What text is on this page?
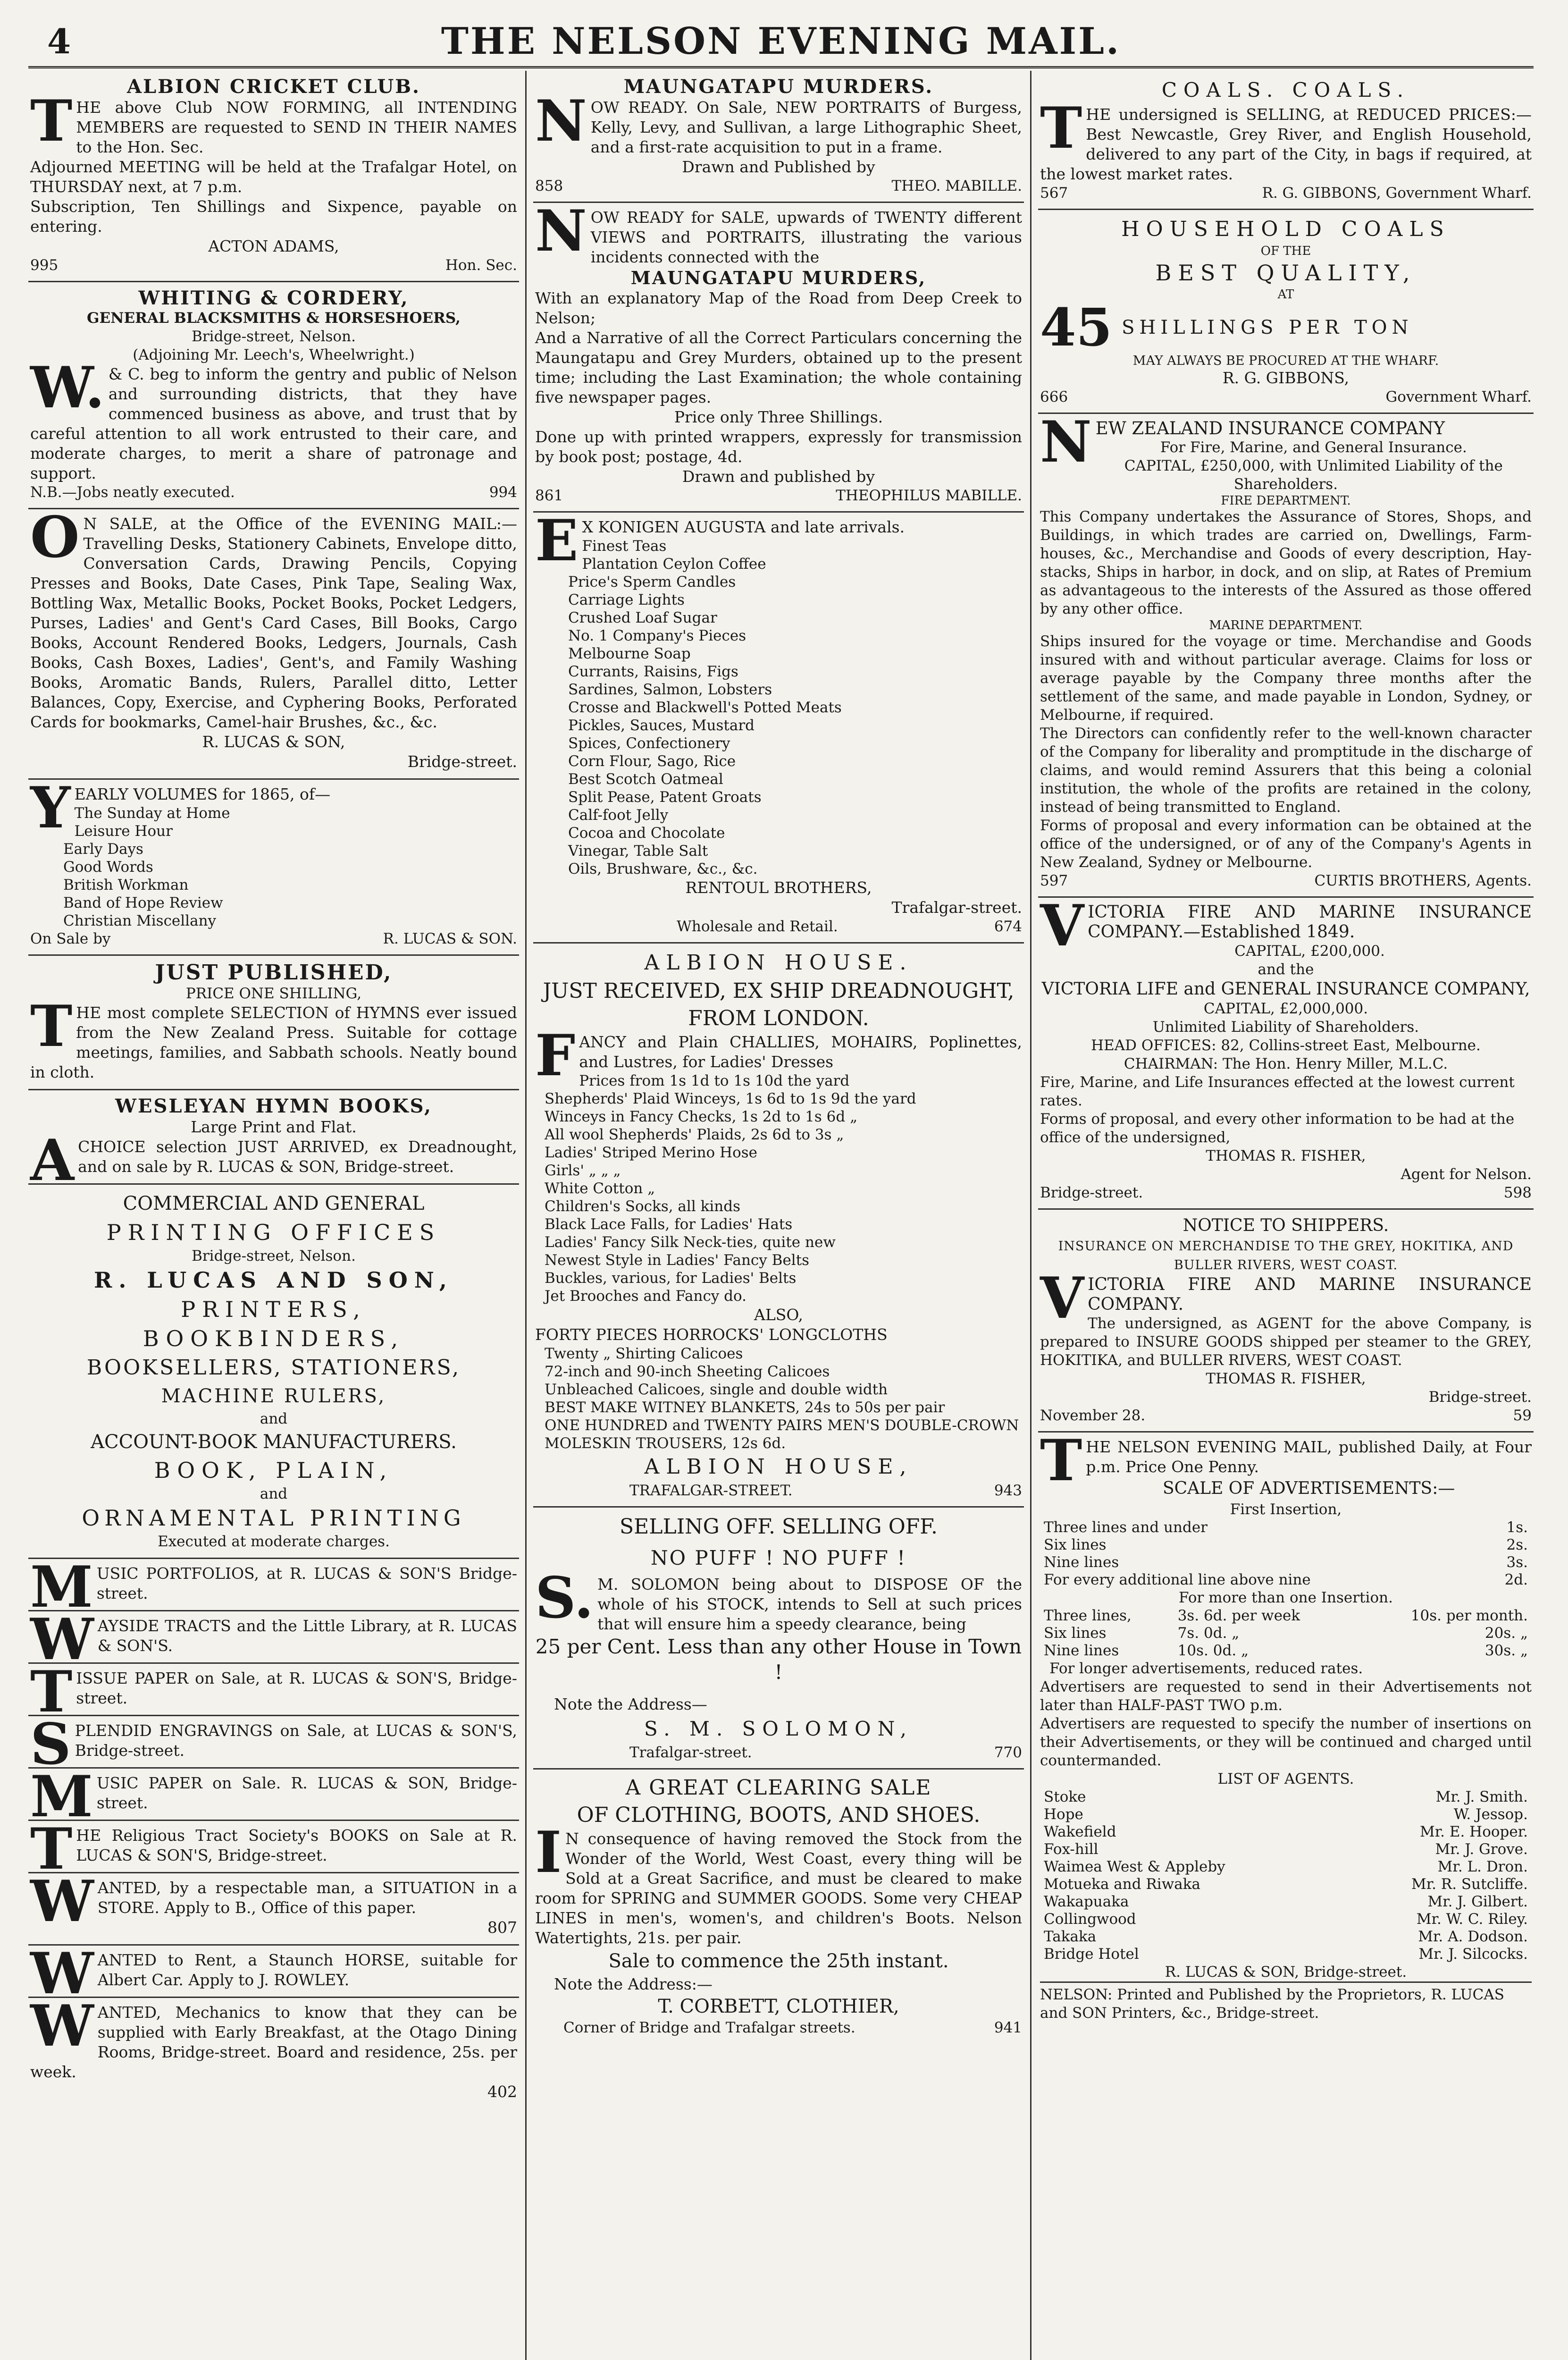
4	THE NELSON EVENING MAIL.

ALBION CRICKET CLUB.

THE above Club NOW FORMING, all INTENDING MEMBERS are requested to SEND IN THEIR NAMES to the Hon. Sec.

Adjourned MEETING will be held at the Trafalgar Hotel, on THURSDAY next, at 7 p.m.

Subscription, Ten Shillings and Sixpence, payable on entering.

ACTON ADAMS,

995	Hon. Sec.

WHITING & CORDERY,

GENERAL BLACKSMITHS & HORSESHOERS,

Bridge-street, Nelson.

(Adjoining Mr. Leech's, Wheelwright.)

W.& C. beg to inform the gentry and public of Nelson and surrounding districts, that they have commenced business as above, and trust that by careful attention to all work entrusted to their care, and moderate charges, to merit a share of patronage and support.

N.B.—Jobs neatly executed.	994

ON SALE, at the Office of the EVENING MAIL:—Travelling Desks, Stationery Cabinets, Envelope ditto, Conversation Cards, Drawing Pencils, Copying Presses and Books, Date Cases, Pink Tape, Sealing Wax, Bottling Wax, Metallic Books, Pocket Books, Pocket Ledgers, Purses, Ladies' and Gent's Card Cases, Bill Books, Cargo Books, Account Rendered Books, Ledgers, Journals, Cash Books, Cash Boxes, Ladies', Gent's, and Family Washing Books, Aromatic Bands, Rulers, Parallel ditto, Letter Balances, Copy, Exercise, and Cyphering Books, Perforated Cards for bookmarks, Camel-hair Brushes, &c., &c.

R. LUCAS & SON,

Bridge-street.

YEARLY VOLUMES for 1865, of—

The Sunday at Home
Leisure Hour
Early Days
Good Words
British Workman
Band of Hope Review
Christian Miscellany
On Sale by	R. LUCAS & SON.

JUST PUBLISHED,

PRICE ONE SHILLING,

THE most complete SELECTION of HYMNS ever issued from the New Zealand Press. Suitable for cottage meetings, families, and Sabbath schools. Neatly bound in cloth.

WESLEYAN HYMN BOOKS,

Large Print and Flat.

ACHOICE selection JUST ARRIVED, ex Dreadnought, and on sale by R. LUCAS & SON, Bridge-street.

COMMERCIAL AND GENERAL

PRINTING OFFICES

Bridge-street, Nelson.

R. LUCAS AND SON,

PRINTERS,

BOOKBINDERS,

BOOKSELLERS, STATIONERS,

MACHINE RULERS,

and

ACCOUNT-BOOK MANUFACTURERS.

BOOK, PLAIN,

and

ORNAMENTAL PRINTING

Executed at moderate charges.

MUSIC PORTFOLIOS, at R. LUCAS & SON'S Bridge-street.

WAYSIDE TRACTS and the Little Library, at R. LUCAS & SON'S.

TISSUE PAPER on Sale, at R. LUCAS & SON'S, Bridge-street.

SPLENDID ENGRAVINGS on Sale, at LUCAS & SON'S, Bridge-street.

MUSIC PAPER on Sale. R. LUCAS & SON, Bridge-street.

THE Religious Tract Society's BOOKS on Sale at R. LUCAS & SON'S, Bridge-street.

WANTED, by a respectable man, a SITUATION in a STORE. Apply to B., Office of this paper.

807

WANTED to Rent, a Staunch HORSE, suitable for Albert Car. Apply to J. ROWLEY.

WANTED, Mechanics to know that they can be supplied with Early Breakfast, at the Otago Dining Rooms, Bridge-street. Board and residence, 25s. per week.

402

MAUNGATAPU MURDERS.

NOW READY. On Sale, NEW PORTRAITS of Burgess, Kelly, Levy, and Sullivan, a large Lithographic Sheet, and a first-rate acquisition to put in a frame.

Drawn and Published by

858	THEO. MABILLE.

NOW READY for SALE, upwards of TWENTY different VIEWS and PORTRAITS, illustrating the various incidents connected with the

MAUNGATAPU MURDERS,

With an explanatory Map of the Road from Deep Creek to Nelson;

And a Narrative of all the Correct Particulars concerning the Maungatapu and Grey Murders, obtained up to the present time; including the Last Examination; the whole containing five newspaper pages.

Price only Three Shillings.

Done up with printed wrappers, expressly for transmission by book post; postage, 4d.

Drawn and published by

861	THEOPHILUS MABILLE.

EX KONIGEN AUGUSTA and late arrivals.

Finest Teas
Plantation Ceylon Coffee
Price's Sperm Candles
Carriage Lights
Crushed Loaf Sugar
No. 1 Company's Pieces
Melbourne Soap
Currants, Raisins, Figs
Sardines, Salmon, Lobsters
Crosse and Blackwell's Potted Meats
Pickles, Sauces, Mustard
Spices, Confectionery
Corn Flour, Sago, Rice
Best Scotch Oatmeal
Split Pease, Patent Groats
Calf-foot Jelly
Cocoa and Chocolate
Vinegar, Table Salt
Oils, Brushware, &c., &c.

RENTOUL BROTHERS,

Trafalgar-street.

Wholesale and Retail.	674

ALBION HOUSE.

JUST RECEIVED, EX SHIP DREADNOUGHT, FROM LONDON.

FANCY and Plain CHALLIES, MOHAIRS, Poplinettes, and Lustres, for Ladies' Dresses

Prices from 1s 1d to 1s 10d the yard
Shepherds' Plaid Winceys, 1s 6d to 1s 9d the yard
Winceys in Fancy Checks, 1s 2d to 1s 6d „
All wool Shepherds' Plaids, 2s 6d to 3s „
Ladies' Striped Merino Hose
Girls' „ „ „
White Cotton „
Children's Socks, all kinds
Black Lace Falls, for Ladies' Hats
Ladies' Fancy Silk Neck-ties, quite new
Newest Style in Ladies' Fancy Belts
Buckles, various, for Ladies' Belts
Jet Brooches and Fancy do.

ALSO,

FORTY PIECES HORROCKS' LONGCLOTHS

Twenty „ Shirting Calicoes
72-inch and 90-inch Sheeting Calicoes
Unbleached Calicoes, single and double width
BEST MAKE WITNEY BLANKETS, 24s to 50s per pair
ONE HUNDRED and TWENTY PAIRS MEN'S DOUBLE-CROWN MOLESKIN TROUSERS, 12s 6d.

ALBION HOUSE,

TRAFALGAR-STREET.	943

SELLING OFF. SELLING OFF.

NO PUFF ! NO PUFF !

S.M. SOLOMON being about to DISPOSE OF the whole of his STOCK, intends to Sell at such prices that will ensure him a speedy clearance, being

25 per Cent. Less than any other House in Town !

Note the Address—

S. M. SOLOMON,

Trafalgar-street.	770

A GREAT CLEARING SALE

OF CLOTHING, BOOTS, AND SHOES.

IN consequence of having removed the Stock from the Wonder of the World, West Coast, every thing will be Sold at a Great Sacrifice, and must be cleared to make room for SPRING and SUMMER GOODS. Some very CHEAP LINES in men's, women's, and children's Boots. Nelson Watertights, 21s. per pair.

Sale to commence the 25th instant.

Note the Address:—

T. CORBETT, CLOTHIER,

Corner of Bridge and Trafalgar streets.	941

COALS. COALS.

THE undersigned is SELLING, at REDUCED PRICES:— Best Newcastle, Grey River, and English Household, delivered to any part of the City, in bags if required, at the lowest market rates.

567	R. G. GIBBONS, Government Wharf.

HOUSEHOLD COALS

OF THE

BEST QUALITY,

AT

45 SHILLINGS PER TON

MAY ALWAYS BE PROCURED AT THE WHARF.

R. G. GIBBONS,

666	Government Wharf.

NEW ZEALAND INSURANCE COMPANY

For Fire, Marine, and General Insurance.

CAPITAL, £250,000, with Unlimited Liability of the Shareholders.

FIRE DEPARTMENT.

This Company undertakes the Assurance of Stores, Shops, and Buildings, in which trades are carried on, Dwellings, Farm-houses, &c., Merchandise and Goods of every description, Hay-stacks, Ships in harbor, in dock, and on slip, at Rates of Premium as advantageous to the interests of the Assured as those offered by any other office.

MARINE DEPARTMENT.

Ships insured for the voyage or time. Merchandise and Goods insured with and without particular average. Claims for loss or average payable by the Company three months after the settlement of the same, and made payable in London, Sydney, or Melbourne, if required.

The Directors can confidently refer to the well-known character of the Company for liberality and promptitude in the discharge of claims, and would remind Assurers that this being a colonial institution, the whole of the profits are retained in the colony, instead of being transmitted to England.

Forms of proposal and every information can be obtained at the office of the undersigned, or of any of the Company's Agents in New Zealand, Sydney or Melbourne.

597	CURTIS BROTHERS, Agents.

VICTORIA FIRE AND MARINE INSURANCE COMPANY.—Established 1849.

CAPITAL, £200,000.

and the

VICTORIA LIFE and GENERAL INSURANCE COMPANY,

CAPITAL, £2,000,000.

Unlimited Liability of Shareholders.

HEAD OFFICES: 82, Collins-street East, Melbourne.

CHAIRMAN: The Hon. Henry Miller, M.L.C.

Fire, Marine, and Life Insurances effected at the lowest current rates.

Forms of proposal, and every other information to be had at the office of the undersigned,

THOMAS R. FISHER,

Agent for Nelson.

Bridge-street.	598

NOTICE TO SHIPPERS.

INSURANCE ON MERCHANDISE TO THE GREY, HOKITIKA, AND BULLER RIVERS, WEST COAST.

VICTORIA FIRE AND MARINE INSURANCE COMPANY.

The undersigned, as AGENT for the above Company, is prepared to INSURE GOODS shipped per steamer to the GREY, HOKITIKA, and BULLER RIVERS, WEST COAST.

THOMAS R. FISHER,

Bridge-street.

November 28.	59

THE NELSON EVENING MAIL, published Daily, at Four p.m. Price One Penny.

SCALE OF ADVERTISEMENTS:—

First Insertion,

Three lines and under	1s.
Six lines	2s.
Nine lines	3s.
For every additional line above nine	2d.

For more than one Insertion.

Three lines,	3s. 6d. per week	10s. per month.
Six lines	7s. 0d. „	20s. „
Nine lines	10s. 0d. „	30s. „

For longer advertisements, reduced rates.

Advertisers are requested to send in their Advertisements not later than HALF-PAST TWO p.m.

Advertisers are requested to specify the number of insertions on their Advertisements, or they will be continued and charged until countermanded.

LIST OF AGENTS.

Stoke	Mr. J. Smith.
Hope	W. Jessop.
Wakefield	Mr. E. Hooper.
Fox-hill	Mr. J. Grove.
Waimea West & Appleby	Mr. L. Dron.
Motueka and Riwaka	Mr. R. Sutcliffe.
Wakapuaka	Mr. J. Gilbert.
Collingwood	Mr. W. C. Riley.
Takaka	Mr. A. Dodson.
Bridge Hotel	Mr. J. Silcocks.

R. LUCAS & SON, Bridge-street.

NELSON: Printed and Published by the Proprietors, R. LUCAS and SON Printers, &c., Bridge-street.
